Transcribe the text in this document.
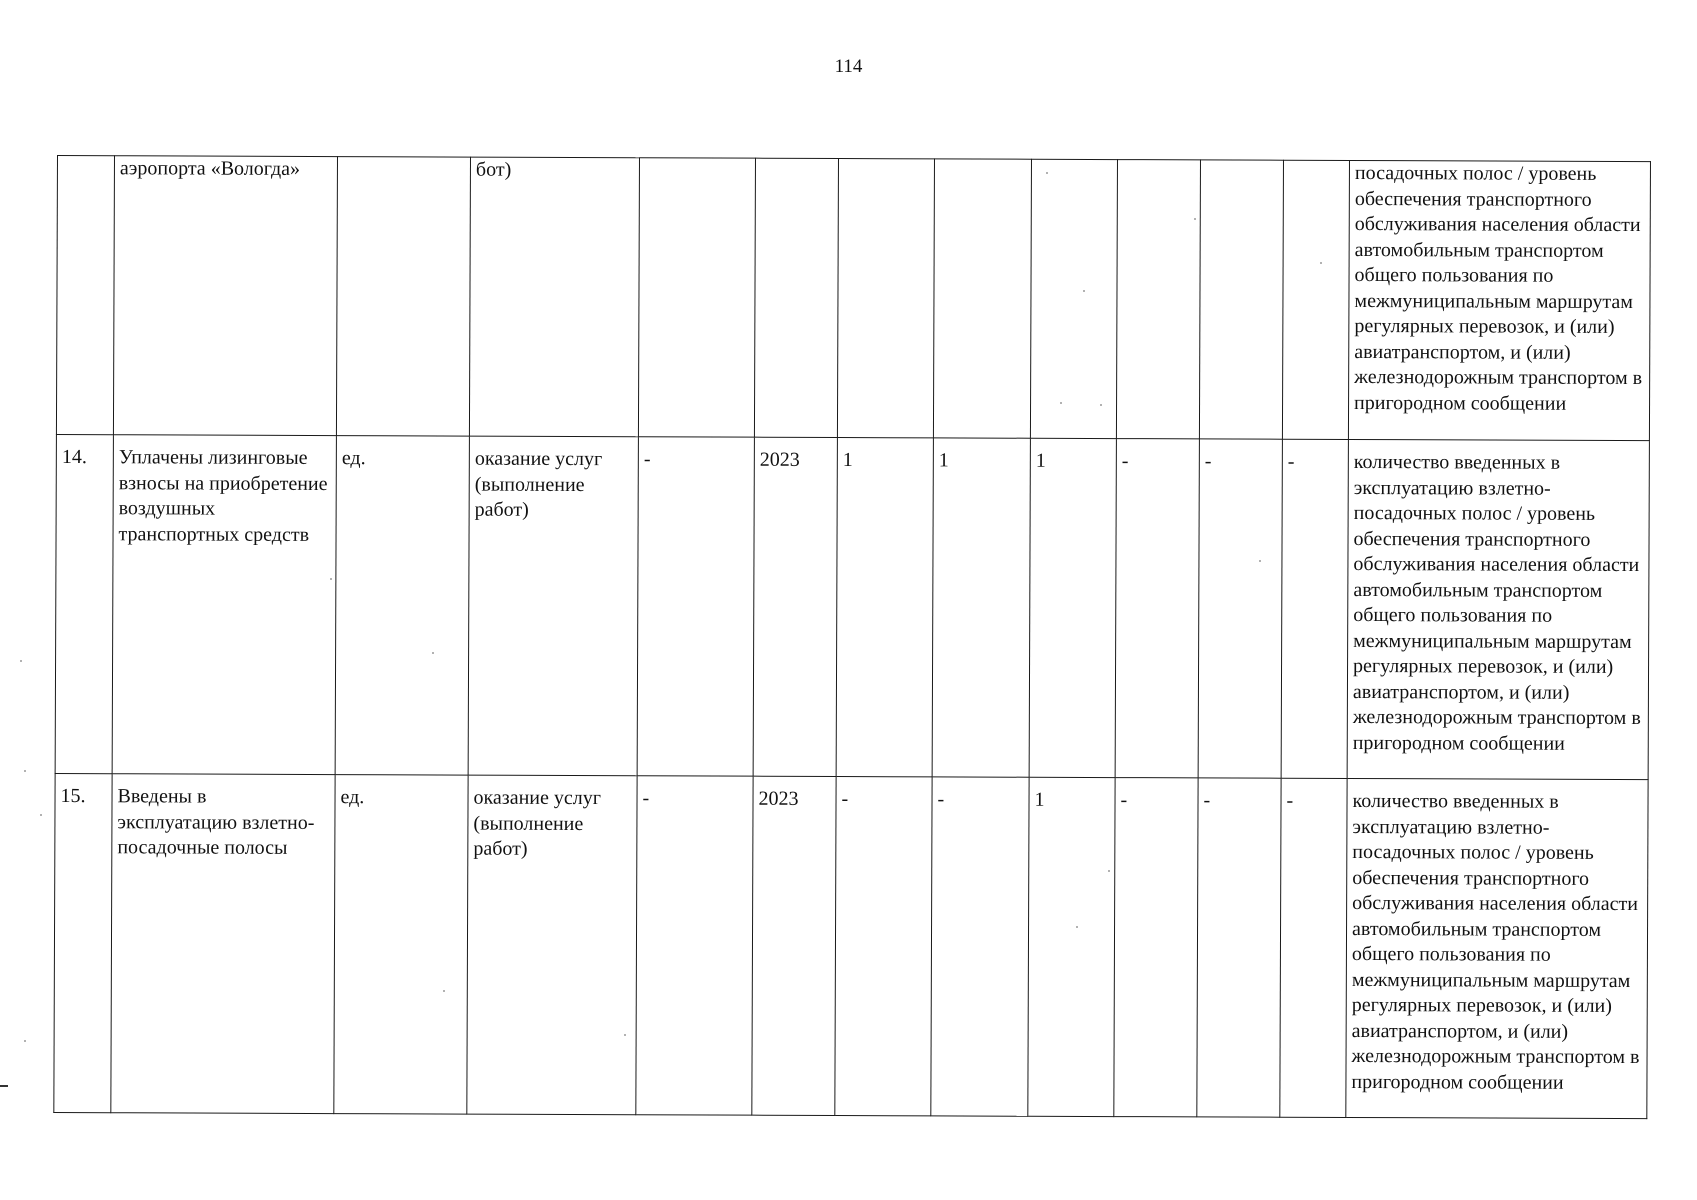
114
	аэропорта «Вологда»		бот)									посадочных полос / уровень обеспечения транспортного обслуживания населения области автомобильным транспортом общего пользования по межмуниципальным маршрутам регулярных перевозок, и (или) авиатранспортом, и (или) железнодорожным транспортом в пригородном сообщении
14.	Уплачены лизинговые взносы на приобретение воздушных транспортных средств	ед.	оказание услуг (выполнение работ)	-	2023	1	1	1	-	-	-	количество введенных в эксплуатацию взлетно-посадочных полос / уровень обеспечения транспортного обслуживания населения области автомобильным транспортом общего пользования по межмуниципальным маршрутам регулярных перевозок, и (или) авиатранспортом, и (или) железнодорожным транспортом в пригородном сообщении
15.	Введены в эксплуатацию взлетно-посадочные полосы	ед.	оказание услуг (выполнение работ)	-	2023	-	-	1	-	-	-	количество введенных в эксплуатацию взлетно-посадочных полос / уровень обеспечения транспортного обслуживания населения области автомобильным транспортом общего пользования по межмуниципальным маршрутам регулярных перевозок, и (или) авиатранспортом, и (или) железнодорожным транспортом в пригородном сообщении
